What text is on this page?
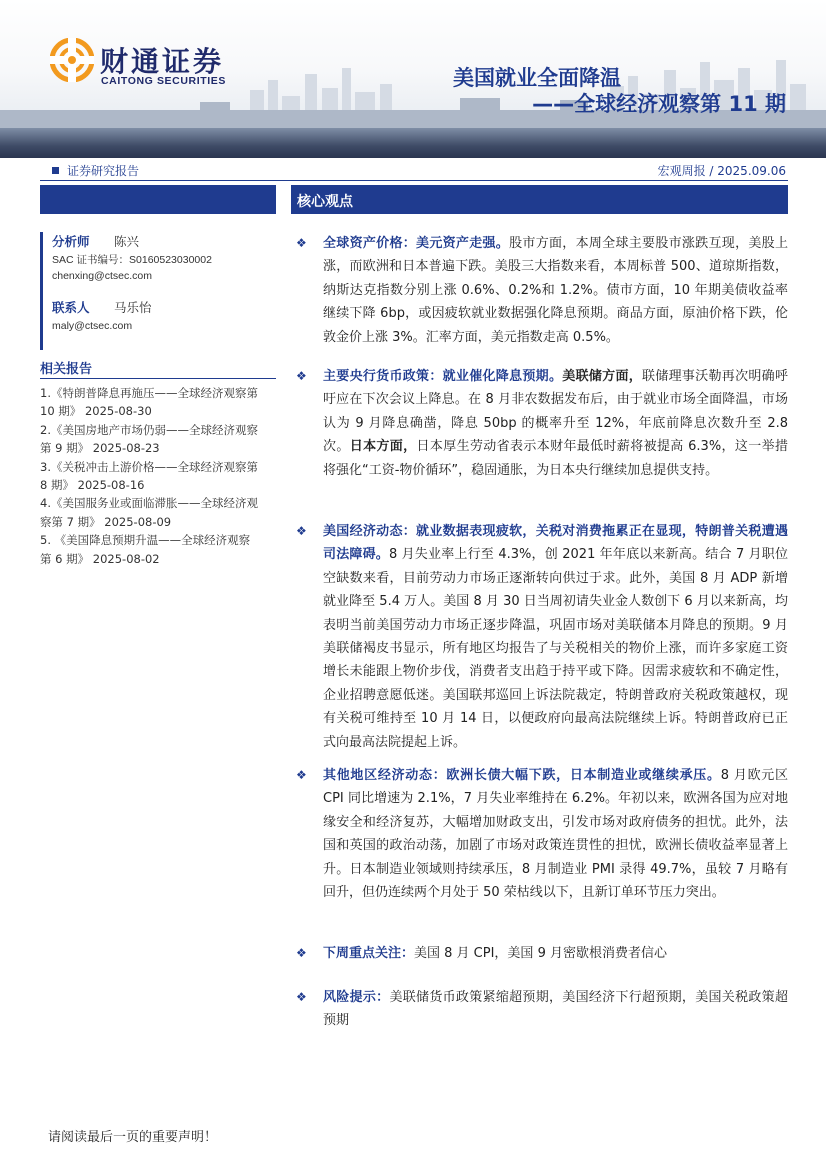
财通证券
CAITONG SECURITIES	美国就业全面降温
——全球经济观察第 11 期
证券研究报告	宏观周报 / 2025.09.06
分析师 陈兴
SAC 证书编号：S0160523030002
chenxing@ctsec.com
联系人 马乐怡
maly@ctsec.com
相关报告
1.《特朗普降息再施压——全球经济观察第
10 期》 2025-08-30
2.《美国房地产市场仍弱——全球经济观察
第 9 期》 2025-08-23
3.《关税冲击上游价格——全球经济观察第
8 期》 2025-08-16
4.《美国服务业或面临滞胀——全球经济观
察第 7 期》 2025-08-09
5. 《美国降息预期升温——全球经济观察
第 6 期》 2025-08-02
核心观点
❖ 全球资产价格：美元资产走强。股市方面，本周全球主要股市涨跌互现，美股上涨，而欧洲和日本普遍下跌。美股三大指数来看，本周标普 500、道琼斯指数，纳斯达克指数分别上涨 0.6%、0.2%和 1.2%。债市方面，10 年期美债收益率继续下降 6bp，或因疲软就业数据强化降息预期。商品方面，原油价格下跌，伦敦金价上涨 3%。汇率方面，美元指数走高 0.5%。
❖ 主要央行货币政策：就业催化降息预期。美联储方面，联储理事沃勒再次明确呼吁应在下次会议上降息。在 8 月非农数据发布后，由于就业市场全面降温，市场认为 9 月降息确凿，降息 50bp 的概率升至 12%，年底前降息次数升至 2.8 次。日本方面，日本厚生劳动省表示本财年最低时薪将被提高 6.3%，这一举措将强化“工资-物价循环”，稳固通胀，为日本央行继续加息提供支持。
❖ 美国经济动态：就业数据表现疲软，关税对消费拖累正在显现，特朗普关税遭遇司法障碍。8 月失业率上行至 4.3%，创 2021 年年底以来新高。结合 7 月职位空缺数来看，目前劳动力市场正逐渐转向供过于求。此外，美国 8 月 ADP 新增就业降至 5.4 万人。美国 8 月 30 日当周初请失业金人数创下 6 月以来新高，均表明当前美国劳动力市场正逐步降温，巩固市场对美联储本月降息的预期。9 月美联储褐皮书显示，所有地区均报告了与关税相关的物价上涨，而许多家庭工资增长未能跟上物价步伐，消费者支出趋于持平或下降。因需求疲软和不确定性，企业招聘意愿低迷。美国联邦巡回上诉法院裁定，特朗普政府关税政策越权，现有关税可维持至 10 月 14 日，以便政府向最高法院继续上诉。特朗普政府已正式向最高法院提起上诉。
❖ 其他地区经济动态：欧洲长债大幅下跌，日本制造业或继续承压。8 月欧元区 CPI 同比增速为 2.1%，7 月失业率维持在 6.2%。年初以来，欧洲各国为应对地缘安全和经济复苏，大幅增加财政支出，引发市场对政府债务的担忧。此外，法国和英国的政治动荡，加剧了市场对政策连贯性的担忧，欧洲长债收益率显著上升。日本制造业领域则持续承压，8 月制造业 PMI 录得 49.7%，虽较 7 月略有回升，但仍连续两个月处于 50 荣枯线以下，且新订单环节压力突出。
❖ 下周重点关注：美国 8 月 CPI，美国 9 月密歇根消费者信心
❖ 风险提示：美联储货币政策紧缩超预期，美国经济下行超预期，美国关税政策超预期
请阅读最后一页的重要声明！
